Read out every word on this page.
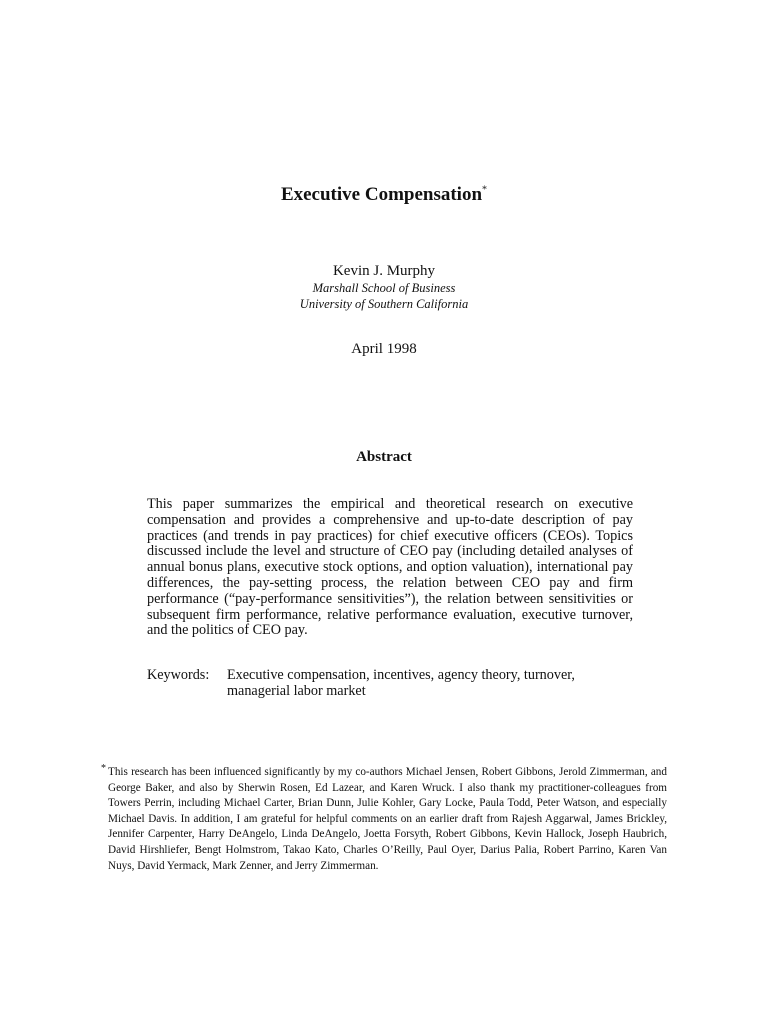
Executive Compensation*
Kevin J. Murphy
Marshall School of Business
University of Southern California
April 1998
Abstract
This paper summarizes the empirical and theoretical research on executive compensation and provides a comprehensive and up-to-date description of pay practices (and trends in pay practices) for chief executive officers (CEOs). Topics discussed include the level and structure of CEO pay (including detailed analyses of annual bonus plans, executive stock options, and option valuation), international pay differences, the pay-setting process, the relation between CEO pay and firm performance (“pay-performance sensitivities”), the relation between sensitivities or subsequent firm performance, relative performance evaluation, executive turnover, and the politics of CEO pay.
Keywords: Executive compensation, incentives, agency theory, turnover, managerial labor market
* This research has been influenced significantly by my co-authors Michael Jensen, Robert Gibbons, Jerold Zimmerman, and George Baker, and also by Sherwin Rosen, Ed Lazear, and Karen Wruck. I also thank my practitioner-colleagues from Towers Perrin, including Michael Carter, Brian Dunn, Julie Kohler, Gary Locke, Paula Todd, Peter Watson, and especially Michael Davis. In addition, I am grateful for helpful comments on an earlier draft from Rajesh Aggarwal, James Brickley, Jennifer Carpenter, Harry DeAngelo, Linda DeAngelo, Joetta Forsyth, Robert Gibbons, Kevin Hallock, Joseph Haubrich, David Hirshliefer, Bengt Holmstrom, Takao Kato, Charles O’Reilly, Paul Oyer, Darius Palia, Robert Parrino, Karen Van Nuys, David Yermack, Mark Zenner, and Jerry Zimmerman.
